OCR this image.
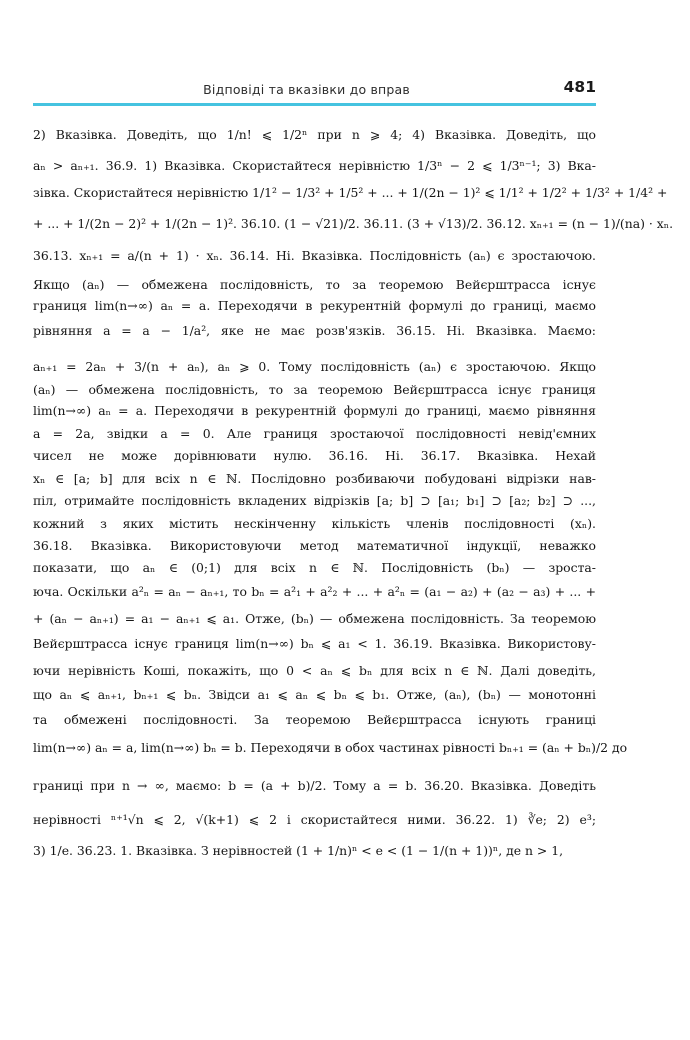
Відповіді та вказівки до вправ	481
2) Вказівка. Доведіть, що 1/n! ⩽ 1/2ⁿ при n ⩾ 4; 4) Вказівка. Доведіть, що
aₙ > aₙ₊₁. 36.9. 1) Вказівка. Скористайтеся нерівністю 1/3ⁿ − 2 ⩽ 1/3ⁿ⁻¹; 3) Вка-
зівка. Скористайтеся нерівністю 1/1² − 1/3² + 1/5² + ... + 1/(2n − 1)² ⩽ 1/1² + 1/2² + 1/3² + 1/4² +
+ ... + 1/(2n − 2)² + 1/(2n − 1)². 36.10. (1 − √21)/2. 36.11. (3 + √13)/2. 36.12. xₙ₊₁ = (n − 1)/(na) · xₙ.
36.13. xₙ₊₁ = a/(n + 1) · xₙ. 36.14. Ні. Вказівка. Послідовність (aₙ) є зростаючою.
Якщо (aₙ) — обмежена послідовність, то за теоремою Вейєрштрасса існує
границя lim(n→∞) aₙ = a. Переходячи в рекурентній формулі до границі, маємо
рівняння a = a − 1/a², яке не має розв'язків. 36.15. Ні. Вказівка. Маємо:
aₙ₊₁ = 2aₙ + 3/(n + aₙ), aₙ ⩾ 0. Тому послідовність (aₙ) є зростаючою. Якщо
(aₙ) — обмежена послідовність, то за теоремою Вейєрштрасса існує границя
lim(n→∞) aₙ = a. Переходячи в рекурентній формулі до границі, маємо рівняння
a = 2a, звідки a = 0. Але границя зростаючої послідовності невід'ємних
чисел не може дорівнювати нулю. 36.16. Ні. 36.17. Вказівка. Нехай
xₙ ∈ [a; b] для всіх n ∈ ℕ. Послідовно розбиваючи побудовані відрізки нав-
піл, отримайте послідовність вкладених відрізків [a; b] ⊃ [a₁; b₁] ⊃ [a₂; b₂] ⊃ ...,
кожний з яких містить нескінченну кількість членів послідовності (xₙ).
36.18. Вказівка. Використовуючи метод математичної індукції, неважко
показати, що aₙ ∈ (0;1) для всіх n ∈ ℕ. Послідовність (bₙ) — зроста-
юча. Оскільки a²ₙ = aₙ − aₙ₊₁, то bₙ = a²₁ + a²₂ + ... + a²ₙ = (a₁ − a₂) + (a₂ − a₃) + ... +
+ (aₙ − aₙ₊₁) = a₁ − aₙ₊₁ ⩽ a₁. Отже, (bₙ) — обмежена послідовність. За теоремою
Вейєрштрасса існує границя lim(n→∞) bₙ ⩽ a₁ < 1. 36.19. Вказівка. Використову-
ючи нерівність Коші, покажіть, що 0 < aₙ ⩽ bₙ для всіх n ∈ ℕ. Далі доведіть,
що aₙ ⩽ aₙ₊₁, bₙ₊₁ ⩽ bₙ. Звідси a₁ ⩽ aₙ ⩽ bₙ ⩽ b₁. Отже, (aₙ), (bₙ) — монотонні
та обмежені послідовності. За теоремою Вейєрштрасса існують границі
lim(n→∞) aₙ = a, lim(n→∞) bₙ = b. Переходячи в обох частинах рівності bₙ₊₁ = (aₙ + bₙ)/2 до
границі при n → ∞, маємо: b = (a + b)/2. Тому a = b. 36.20. Вказівка. Доведіть
нерівності ⁿ⁺¹√n ⩽ 2, √(k+1) ⩽ 2 і скористайтеся ними. 36.22. 1) ∛e; 2) e³;
3) 1/e. 36.23. 1. Вказівка. З нерівностей (1 + 1/n)ⁿ < e < (1 − 1/(n + 1))ⁿ, де n > 1,
